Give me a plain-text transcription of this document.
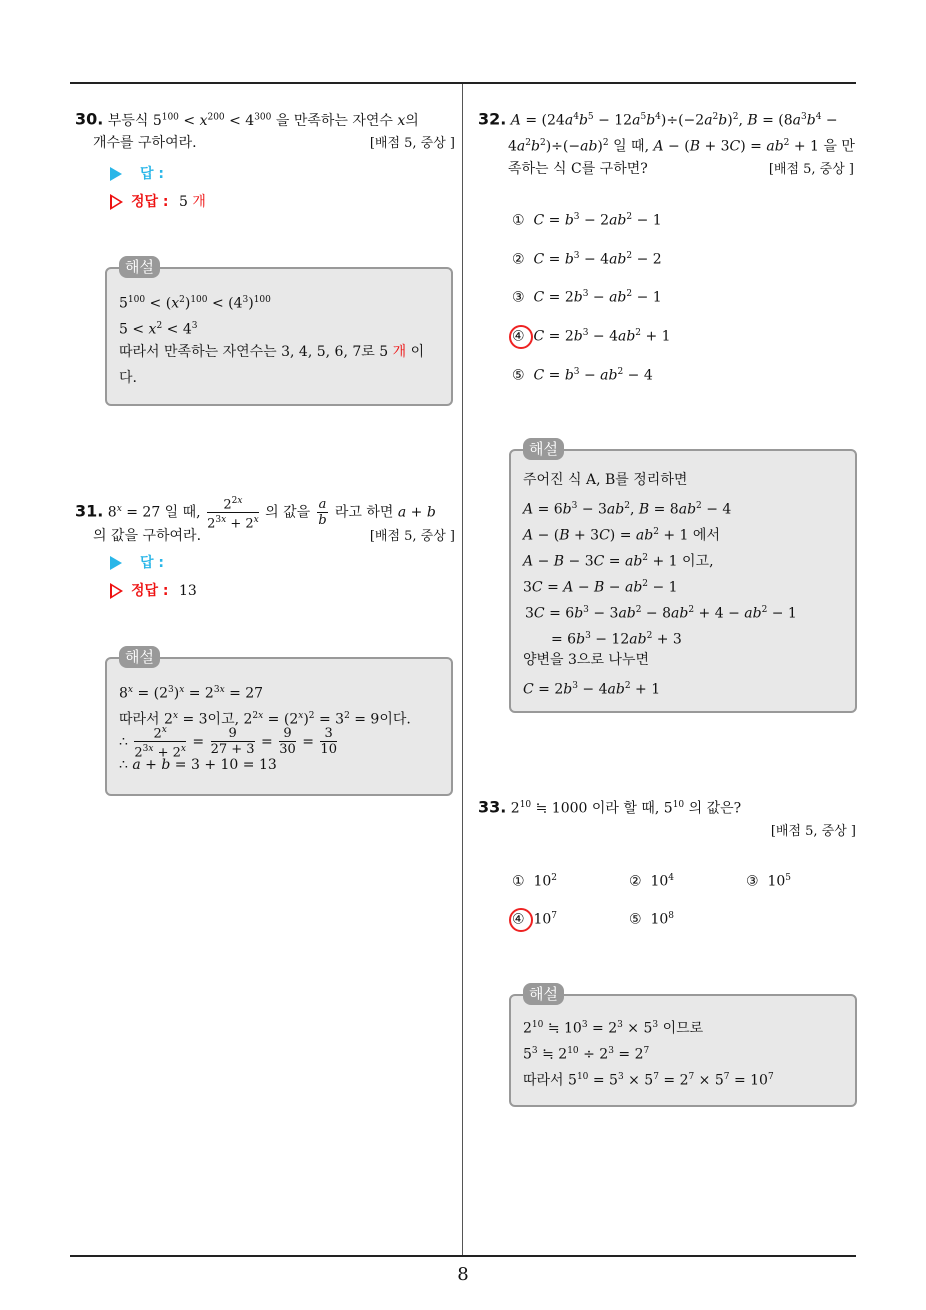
8
30. 부등식 $5^{100} < x^{200} < 4^{300}$ 을 만족하는 자연수 x의
개수를 구하여라.	[배점 5, 중상 ]
답 :
정답 : 5 개
해설
$5^{100} < (x^2)^{100} < (4^3)^{100}$
$5 < x^2 < 4^3$
따라서 만족하는 자연수는 3, 4, 5, 6, 7로 5 개 이
다.
31. $8^x = 27$ 일 때, $\frac{2^{2x}}{2^{3x} + 2^x}$ 의 값을 $\frac{a}{b}$ 라고 하면 a + b
의 값을 구하여라.	[배점 5, 중상 ]
답 :
정답 : 13
해설
$8^x = (2^3)^x = 2^{3x} = 27$
따라서 $2^x = 3$이고, $2^{2x} = (2^x)^2 = 3^2 = 9$이다.
∴ $\frac{2^x}{2^{3x} + 2^x} = \frac{9}{27 + 3} = \frac{9}{30} = \frac{3}{10}$
∴ a + b = 3 + 10 = 13
32. $A = (24a^4b^5 - 12a^5b^4)\div(-2a^2b)^2$, $B = (8a^3b^4$ −
$4a^2b^2)\div(-ab)^2$ 일 때, $A - (B + 3C) = ab^2 + 1$ 을 만
족하는 식 C를 구하면?	[배점 5, 중상 ]
① $C = b^3 - 2ab^2 - 1$
② $C = b^3 - 4ab^2 - 2$
③ $C = 2b^3 - ab^2 - 1$
④ $C = 2b^3 - 4ab^2 + 1$
⑤ $C = b^3 - ab^2 - 4$
해설
주어진 식 A, B를 정리하면
$A = 6b^3 - 3ab^2$, $B = 8ab^2 - 4$
$A - (B + 3C) = ab^2 + 1$ 에서
$A - B - 3C = ab^2 + 1$ 이고,
$3C = A - B - ab^2 - 1$
$3C = 6b^3 - 3ab^2 - 8ab^2 + 4 - ab^2 - 1$
= $6b^3 - 12ab^2 + 3$
양변을 3으로 나누면
$C = 2b^3 - 4ab^2 + 1$
33. $2^{10}$ ≒ 1000 이라 할 때, $5^{10}$ 의 값은?
[배점 5, 중상 ]
①  $10^2$	②  $10^4$	③  $10^5$
④  $10^7$	⑤  $10^8$
해설
$2^{10}$ ≒ $10^3 = 2^3 \times 5^3$ 이므로
$5^3$ ≒ $2^{10} \div 2^3 = 2^7$
따라서 $5^{10} = 5^3 \times 5^7 = 2^7 \times 5^7 = 10^7$
